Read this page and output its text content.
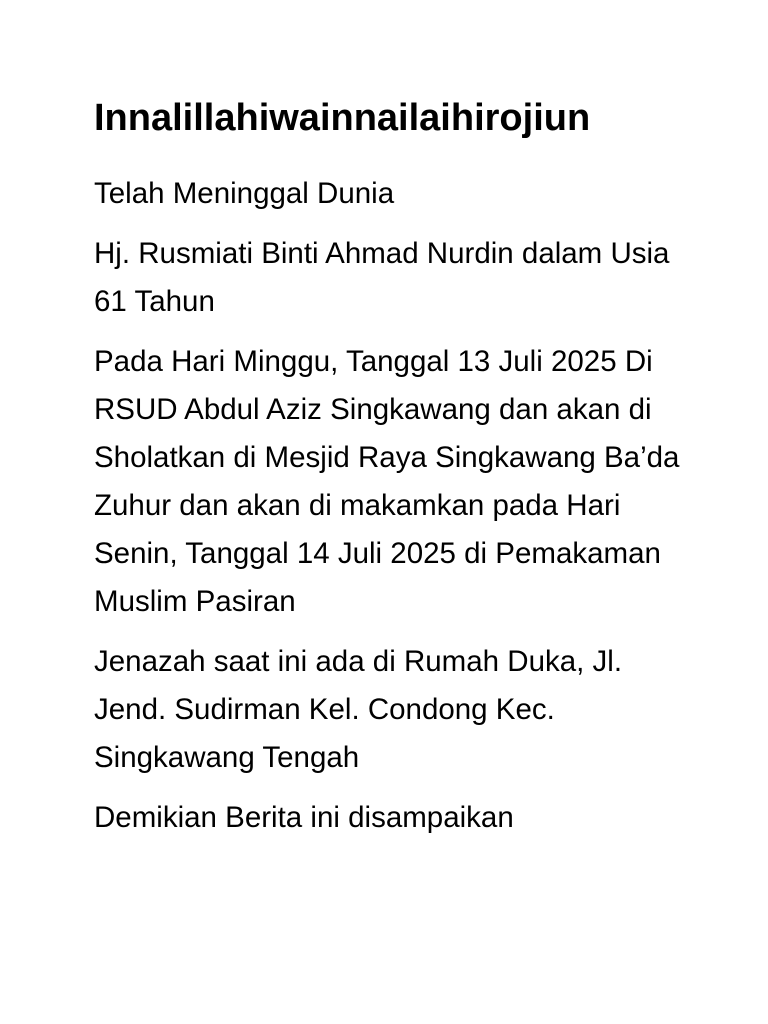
Innalillahiwainnailaihirojiun

Telah Meninggal Dunia

Hj. Rusmiati Binti Ahmad Nurdin dalam Usia 61 Tahun

Pada Hari Minggu, Tanggal 13 Juli 2025 Di RSUD Abdul Aziz Singkawang dan akan di Sholatkan di Mesjid Raya Singkawang Ba’da Zuhur dan akan di makamkan pada Hari Senin, Tanggal 14 Juli 2025 di Pemakaman Muslim Pasiran

Jenazah saat ini ada di Rumah Duka, Jl. Jend. Sudirman Kel. Condong Kec. Singkawang Tengah

Demikian Berita ini disampaikan
